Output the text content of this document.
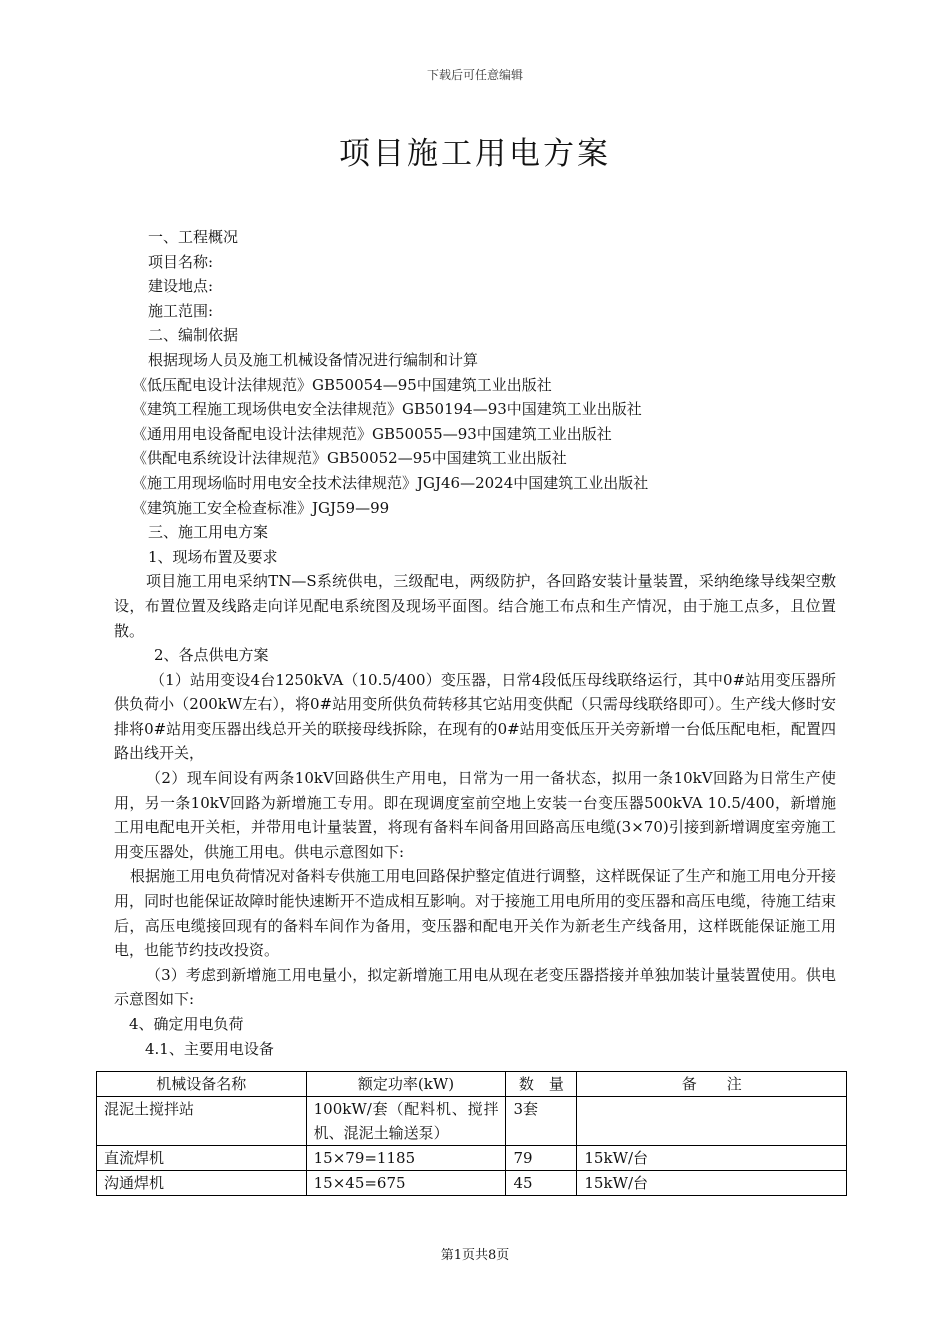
下载后可任意编辑
项目施工用电方案
一、工程概况
项目名称:
建设地点:
施工范围:
二、编制依据
根据现场人员及施工机械设备情况进行编制和计算
《低压配电设计法律规范》GB50054—95中国建筑工业出版社
《建筑工程施工现场供电安全法律规范》GB50194—93中国建筑工业出版社
《通用用电设备配电设计法律规范》GB50055—93中国建筑工业出版社
《供配电系统设计法律规范》GB50052—95中国建筑工业出版社
《施工用现场临时用电安全技术法律规范》JGJ46—2024中国建筑工业出版社
《建筑施工安全检查标准》JGJ59—99
三、施工用电方案
1、现场布置及要求
项目施工用电采纳TN—S系统供电，三级配电，两级防护，各回路安装计量装置，采纳绝缘导线架空敷设，布置位置及线路走向详见配电系统图及现场平面图。结合施工布点和生产情况，由于施工点多，且位置散。
2、各点供电方案
（1）站用变设4台1250kVA（10.5/400）变压器，日常4段低压母线联络运行，其中0#站用变压器所供负荷小（200kW左右），将0#站用变所供负荷转移其它站用变供配（只需母线联络即可）。生产线大修时安排将0#站用变压器出线总开关的联接母线拆除，在现有的0#站用变低压开关旁新增一台低压配电柜，配置四路出线开关，
（2）现车间设有两条10kV回路供生产用电，日常为一用一备状态，拟用一条10kV回路为日常生产使用，另一条10kV回路为新增施工专用。即在现调度室前空地上安装一台变压器500kVA 10.5/400，新增施工用电配电开关柜，并带用电计量装置，将现有备料车间备用回路高压电缆(3×70)引接到新增调度室旁施工用变压器处，供施工用电。供电示意图如下:
根据施工用电负荷情况对备料专供施工用电回路保护整定值进行调整，这样既保证了生产和施工用电分开接用，同时也能保证故障时能快速断开不造成相互影响。对于接施工用电所用的变压器和高压电缆，待施工结束后，高压电缆接回现有的备料车间作为备用，变压器和配电开关作为新老生产线备用，这样既能保证施工用电，也能节约技改投资。
（3）考虑到新增施工用电量小，拟定新增施工用电从现在老变压器搭接并单独加装计量装置使用。供电示意图如下:
4、确定用电负荷
4.1、主要用电设备
机械设备名称	额定功率(kW)	数　量	备　　注
混泥土搅拌站	100kW/套（配料机、搅拌机、混泥土输送泵）	3套	
直流焊机	15×79=1185	79	15kW/台
沟通焊机	15×45=675	45	15kW/台
第1页共8页
